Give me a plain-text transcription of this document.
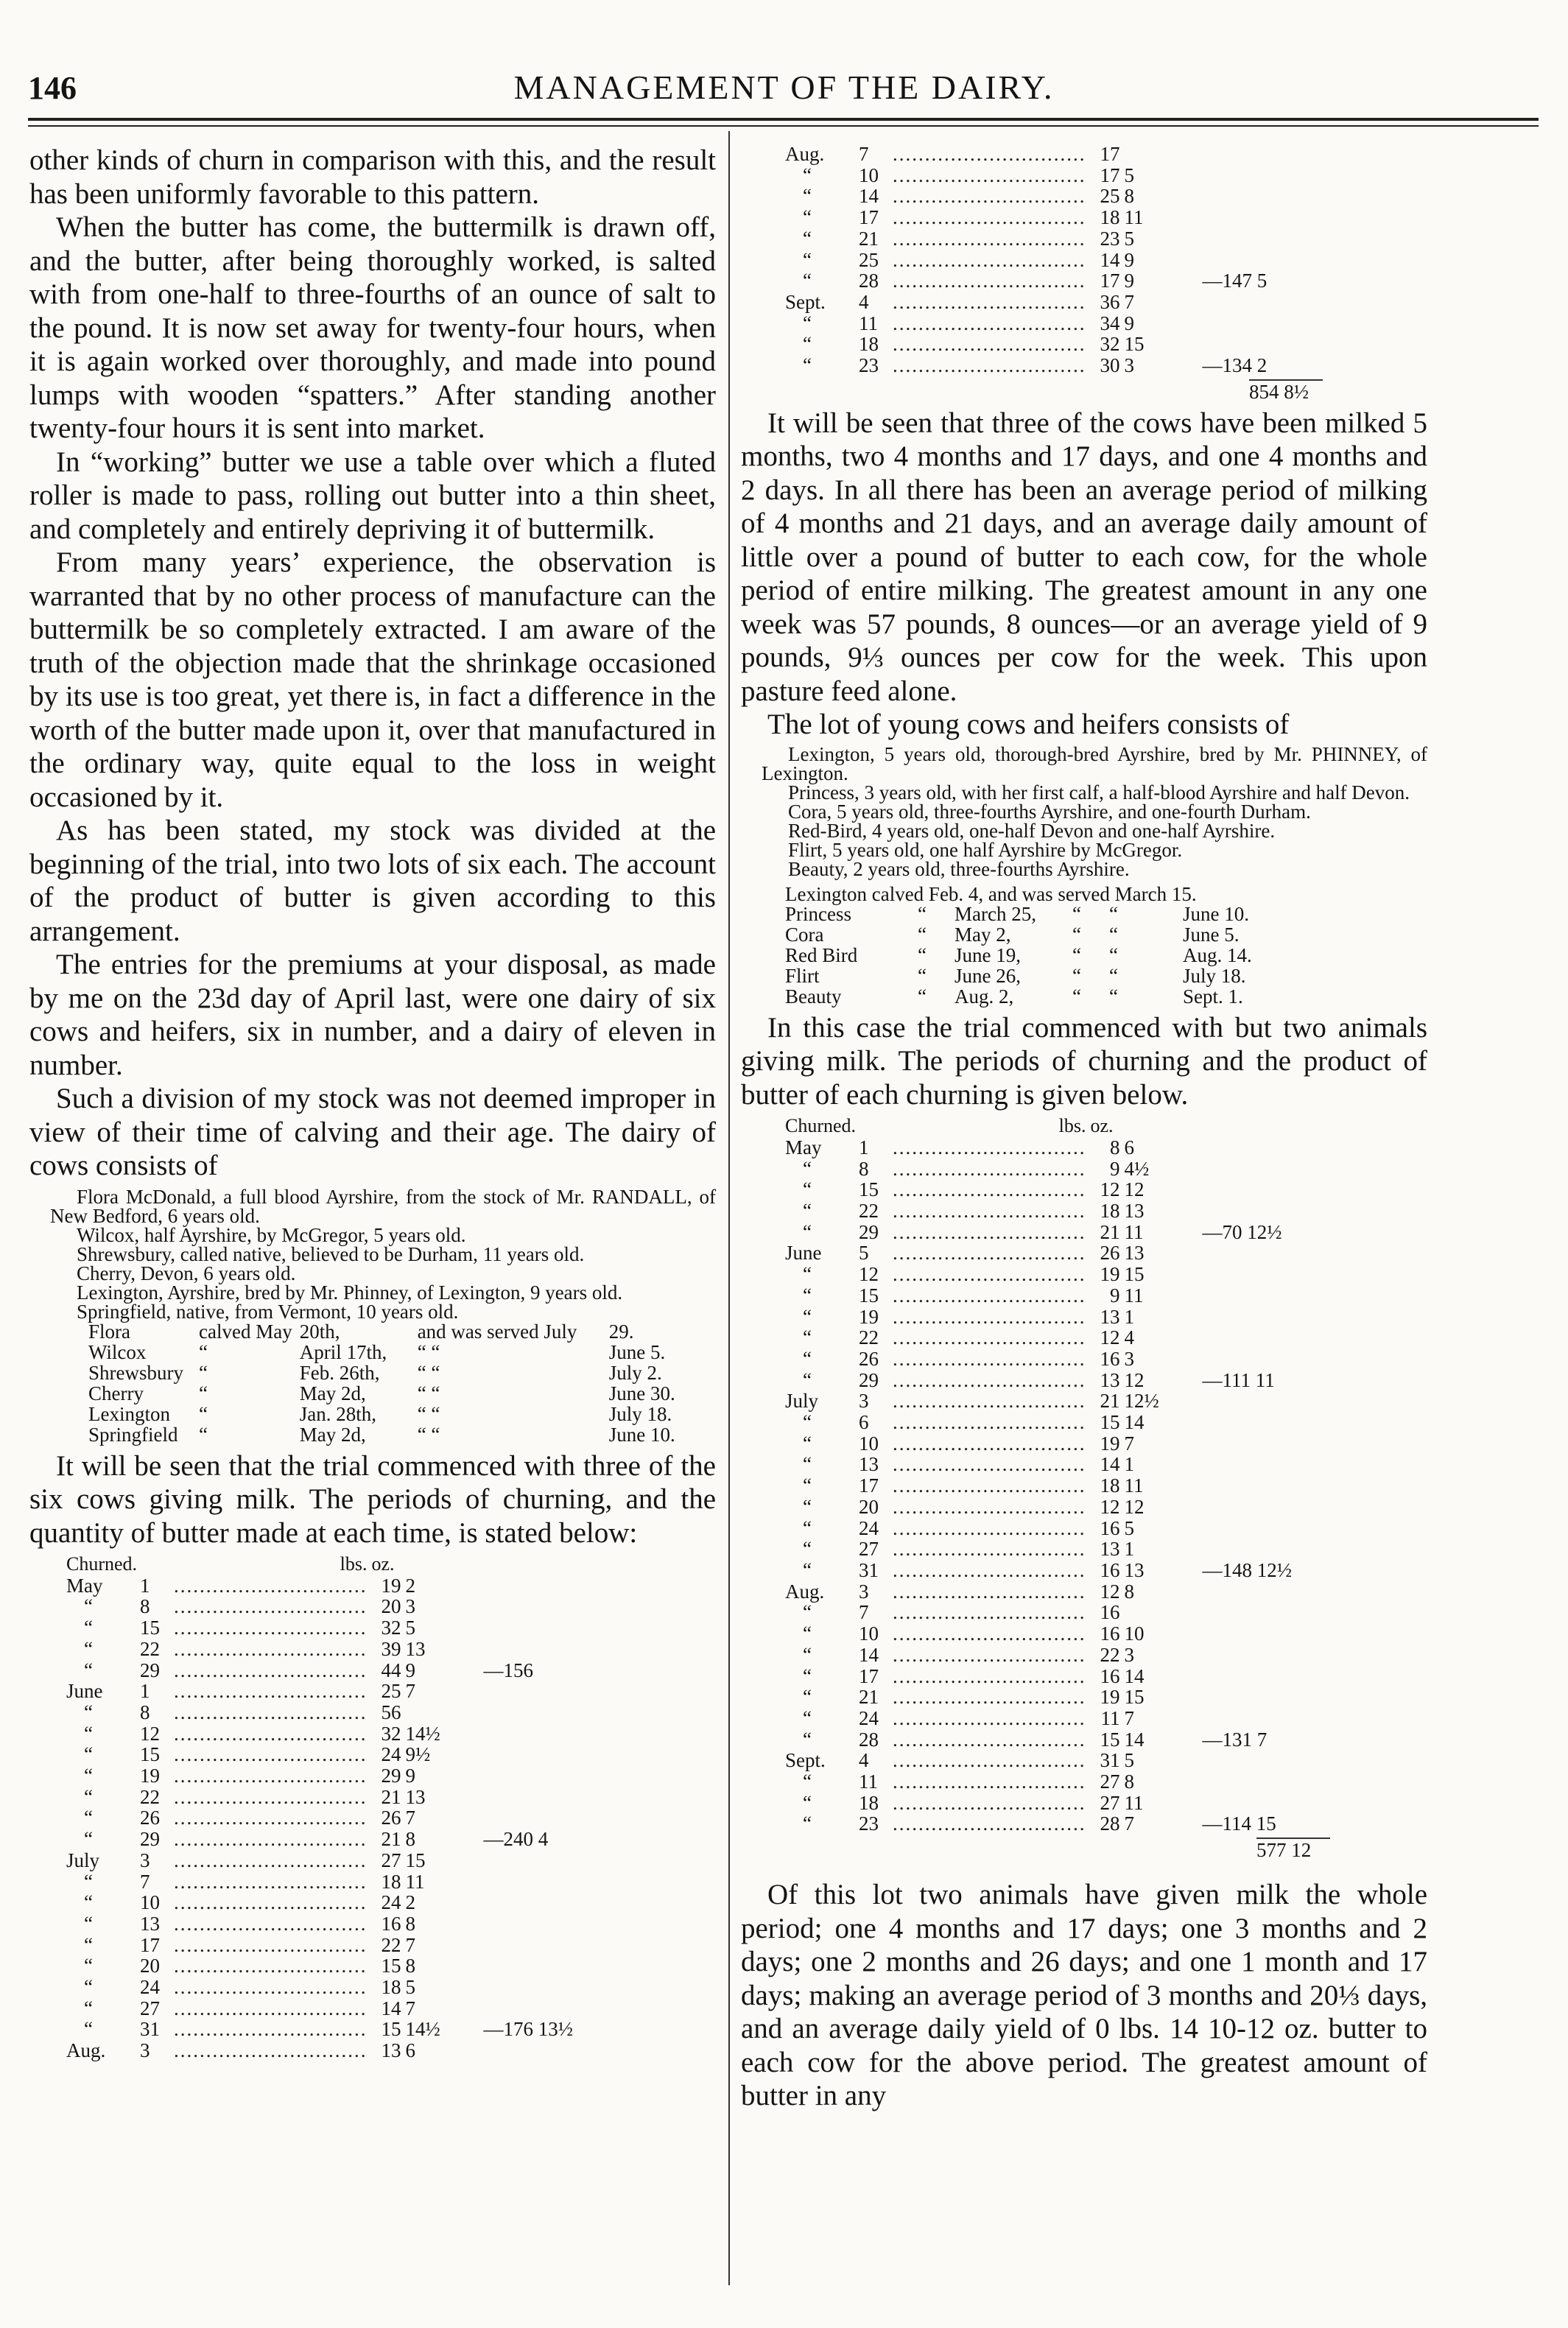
146	MANAGEMENT OF THE DAIRY.

other kinds of churn in comparison with this, and the result has been uniformly favorable to this pattern.

When the butter has come, the buttermilk is drawn off, and the butter, after being thoroughly worked, is salted with from one-half to three-fourths of an ounce of salt to the pound. It is now set away for twenty-four hours, when it is again worked over thoroughly, and made into pound lumps with wooden “spatters.” After standing another twenty-four hours it is sent into market.

In “working” butter we use a table over which a fluted roller is made to pass, rolling out butter into a thin sheet, and completely and entirely depriving it of buttermilk.

From many years’ experience, the observation is warranted that by no other process of manufacture can the buttermilk be so completely extracted. I am aware of the truth of the objection made that the shrinkage occasioned by its use is too great, yet there is, in fact a difference in the worth of the butter made upon it, over that manufactured in the ordinary way, quite equal to the loss in weight occasioned by it.

As has been stated, my stock was divided at the beginning of the trial, into two lots of six each. The account of the product of butter is given according to this arrangement.

The entries for the premiums at your disposal, as made by me on the 23d day of April last, were one dairy of six cows and heifers, six in number, and a dairy of eleven in number.

Such a division of my stock was not deemed improper in view of their time of calving and their age. The dairy of cows consists of

Flora McDonald, a full blood Ayrshire, from the stock of Mr. RANDALL, of New Bedford, 6 years old.

Wilcox, half Ayrshire, by McGregor, 5 years old.

Shrewsbury, called native, believed to be Durham, 11 years old.

Cherry, Devon, 6 years old.

Lexington, Ayrshire, bred by Mr. Phinney, of Lexington, 9 years old.

Springfield, native, from Vermont, 10 years old.

Flora	calved May	20th,	and was served July	29.
Wilcox	“	April 17th,	“ “	June 5.
Shrewsbury	“	Feb. 26th,	“ “	July 2.
Cherry	“	May 2d,	“ “	June 30.
Lexington	“	Jan. 28th,	“ “	July 18.
Springfield	“	May 2d,	“ “	June 10.

It will be seen that the trial commenced with three of the six cows giving milk. The periods of churning, and the quantity of butter made at each time, is stated below:

Churned.		lbs.	oz.		
May	1	..............................	19	2	
“	8	..............................	20	3	
“	15	..............................	32	5	
“	22	..............................	39	13	
“	29	..............................	44	9	—156
June	1	..............................	25	7	
“	8	..............................	56		
“	12	..............................	32	14½	
“	15	..............................	24	9½	
“	19	..............................	29	9	
“	22	..............................	21	13	
“	26	..............................	26	7	
“	29	..............................	21	8	—240 4
July	3	..............................	27	15	
“	7	..............................	18	11	
“	10	..............................	24	2	
“	13	..............................	16	8	
“	17	..............................	22	7	
“	20	..............................	15	8	
“	24	..............................	18	5	
“	27	..............................	14	7	
“	31	..............................	15	14½	—176 13½
Aug.	3	..............................	13	6	
Aug.	7	..............................	17		
“	10	..............................	17	5	
“	14	..............................	25	8	
“	17	..............................	18	11	
“	21	..............................	23	5	
“	25	..............................	14	9	
“	28	..............................	17	9	—147 5
Sept.	4	..............................	36	7	
“	11	..............................	34	9	
“	18	..............................	32	15	
“	23	..............................	30	3	—134 2
854 8½

It will be seen that three of the cows have been milked 5 months, two 4 months and 17 days, and one 4 months and 2 days. In all there has been an average period of milking of 4 months and 21 days, and an average daily amount of little over a pound of butter to each cow, for the whole period of entire milking. The greatest amount in any one week was 57 pounds, 8 ounces—or an average yield of 9 pounds, 9⅓ ounces per cow for the week. This upon pasture feed alone.

The lot of young cows and heifers consists of

Lexington, 5 years old, thorough-bred Ayrshire, bred by Mr. PHINNEY, of Lexington.

Princess, 3 years old, with her first calf, a half-blood Ayrshire and half Devon.

Cora, 5 years old, three-fourths Ayrshire, and one-fourth Durham.

Red-Bird, 4 years old, one-half Devon and one-half Ayrshire.

Flirt, 5 years old, one half Ayrshire by McGregor.

Beauty, 2 years old, three-fourths Ayrshire.

Lexington calved Feb. 4, and was served March 15.

Princess	“	March 25,	“	“	June 10.
Cora	“	May 2,	“	“	June 5.
Red Bird	“	June 19,	“	“	Aug. 14.
Flirt	“	June 26,	“	“	July 18.
Beauty	“	Aug. 2,	“	“	Sept. 1.

In this case the trial commenced with but two animals giving milk. The periods of churning and the product of butter of each churning is given below.

Churned.		lbs.	oz.		
May	1	..............................	8	6	
“	8	..............................	9	4½	
“	15	..............................	12	12	
“	22	..............................	18	13	
“	29	..............................	21	11	—70 12½
June	5	..............................	26	13	
“	12	..............................	19	15	
“	15	..............................	9	11	
“	19	..............................	13	1	
“	22	..............................	12	4	
“	26	..............................	16	3	
“	29	..............................	13	12	—111 11
July	3	..............................	21	12½	
“	6	..............................	15	14	
“	10	..............................	19	7	
“	13	..............................	14	1	
“	17	..............................	18	11	
“	20	..............................	12	12	
“	24	..............................	16	5	
“	27	..............................	13	1	
“	31	..............................	16	13	—148 12½
Aug.	3	..............................	12	8	
“	7	..............................	16		
“	10	..............................	16	10	
“	14	..............................	22	3	
“	17	..............................	16	14	
“	21	..............................	19	15	
“	24	..............................	11	7	
“	28	..............................	15	14	—131 7
Sept.	4	..............................	31	5	
“	11	..............................	27	8	
“	18	..............................	27	11	
“	23	..............................	28	7	—114 15
577 12

Of this lot two animals have given milk the whole period; one 4 months and 17 days; one 3 months and 2 days; one 2 months and 26 days; and one 1 month and 17 days; making an average period of 3 months and 20⅓ days, and an average daily yield of 0 lbs. 14 10-12 oz. butter to each cow for the above period. The greatest amount of butter in any
